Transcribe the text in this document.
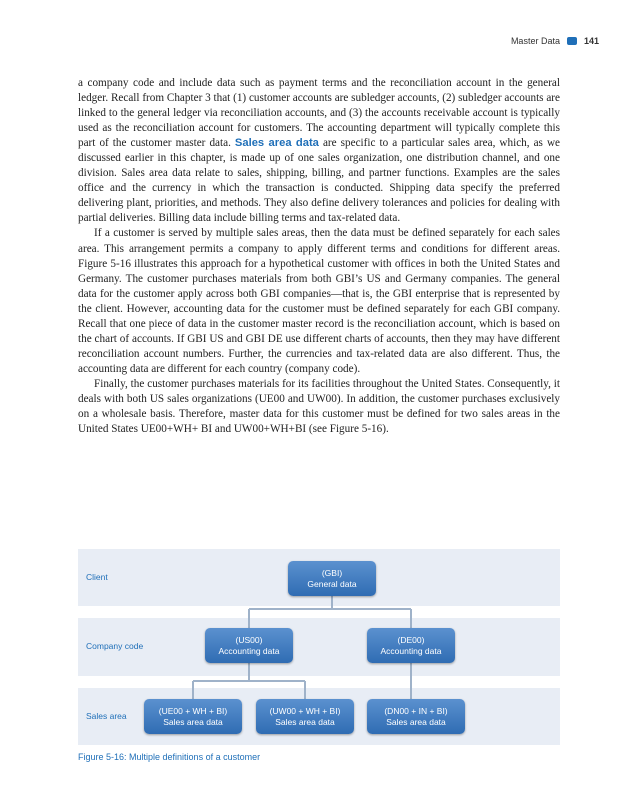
Master Data	141

a company code and include data such as payment terms and the reconciliation account in the general ledger. Recall from Chapter 3 that (1) customer accounts are subledger accounts, (2) subledger accounts are linked to the general ledger via reconciliation accounts, and (3) the accounts receivable account is typically used as the reconciliation account for customers. The accounting department will typically complete this part of the customer master data. Sales area data are specific to a particular sales area, which, as we discussed earlier in this chapter, is made up of one sales organization, one distribution channel, and one division. Sales area data relate to sales, shipping, billing, and partner functions. Examples are the sales office and the currency in which the transaction is conducted. Shipping data specify the preferred delivering plant, priorities, and methods. They also define delivery tolerances and policies for dealing with partial deliveries. Billing data include billing terms and tax-related data.

If a customer is served by multiple sales areas, then the data must be defined separately for each sales area. This arrangement permits a company to apply different terms and conditions for different areas. Figure 5-16 illustrates this approach for a hypothetical customer with offices in both the United States and Germany. The customer purchases materials from both GBI’s US and Germany companies. The general data for the customer apply across both GBI companies—that is, the GBI enterprise that is represented by the client. However, accounting data for the customer must be defined separately for each GBI company. Recall that one piece of data in the customer master record is the reconciliation account, which is based on the chart of accounts. If GBI US and GBI DE use different charts of accounts, then they may have different reconciliation account numbers. Further, the currencies and tax-related data are also different. Thus, the accounting data are different for each country (company code).

Finally, the customer purchases materials for its facilities throughout the United States. Consequently, it deals with both US sales organizations (UE00 and UW00). In addition, the customer purchases exclusively on a wholesale basis. Therefore, master data for this customer must be defined for two sales areas in the United States UE00+WH+ BI and UW00+WH+BI (see Figure 5-16).

Client
Company code
Sales area
(GBI)
General data
(US00)
Accounting data
(DE00)
Accounting data
(UE00 + WH + BI)
Sales area data
(UW00 + WH + BI)
Sales area data
(DN00 + IN + BI)
Sales area data
Figure 5-16: Multiple definitions of a customer
